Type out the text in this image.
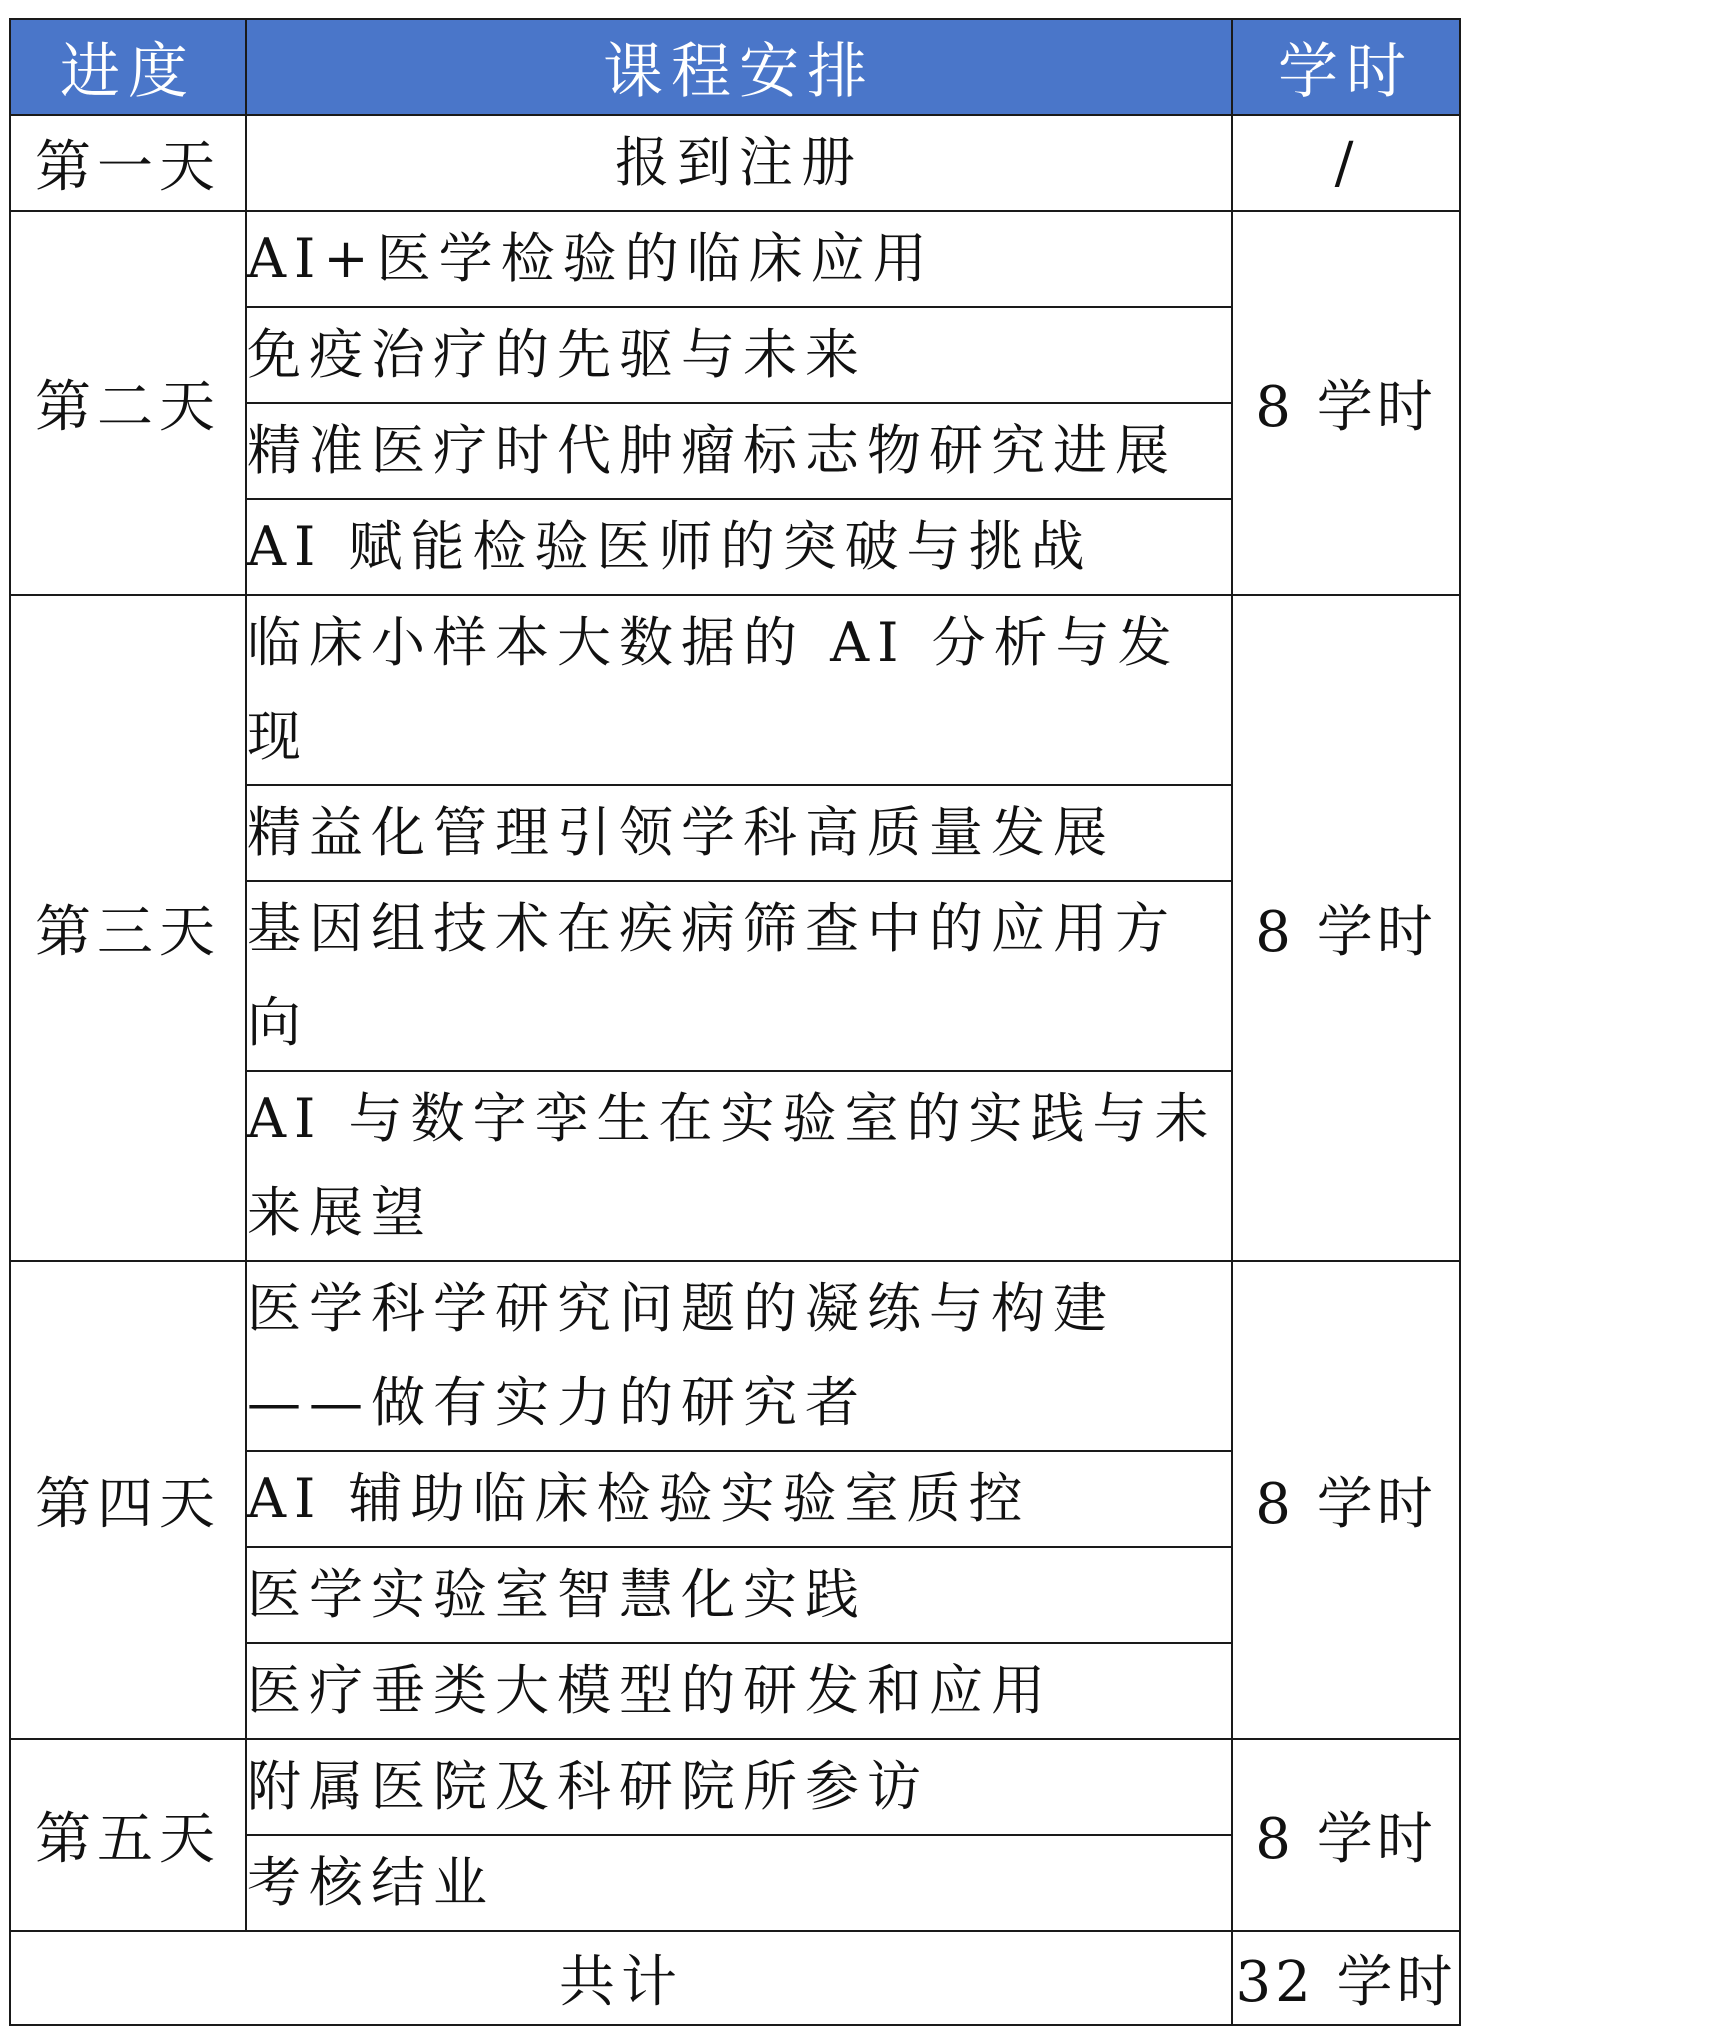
进度	课程安排	学时
第一天	报到注册	/
第二天	AI+医学检验的临床应用	8 学时
	免疫治疗的先驱与未来	
	精准医疗时代肿瘤标志物研究进展	
	AI 赋能检验医师的突破与挑战	
第三天	临床小样本大数据的 AI 分析与发现	8 学时
	精益化管理引领学科高质量发展	
	基因组技术在疾病筛查中的应用方向	
	AI 与数字孪生在实验室的实践与未来展望	
第四天	医学科学研究问题的凝练与构建——做有实力的研究者	8 学时
	AI 辅助临床检验实验室质控	
	医学实验室智慧化实践	
	医疗垂类大模型的研发和应用	
第五天	附属医院及科研院所参访	8 学时
	考核结业	
共计		32 学时
